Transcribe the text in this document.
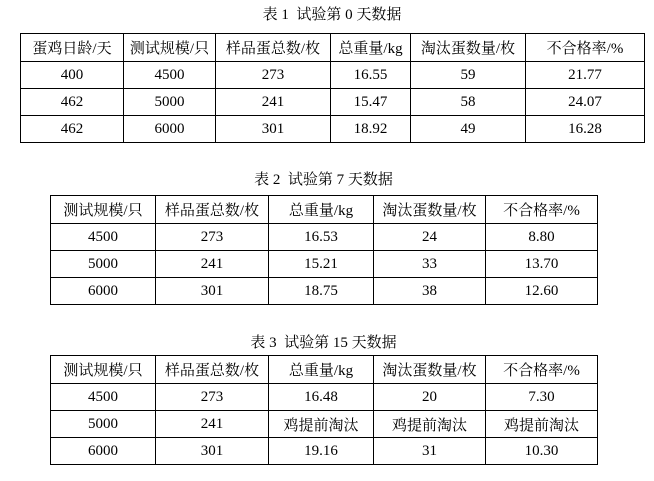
表 1  试验第 0 天数据
蛋鸡日龄/天	测试规模/只	样品蛋总数/枚	总重量/kg	淘汰蛋数量/枚	不合格率/%
400	4500	273	16.55	59	21.77
462	5000	241	15.47	58	24.07
462	6000	301	18.92	49	16.28
表 2  试验第 7 天数据
测试规模/只	样品蛋总数/枚	总重量/kg	淘汰蛋数量/枚	不合格率/%
4500	273	16.53	24	8.80
5000	241	15.21	33	13.70
6000	301	18.75	38	12.60
表 3  试验第 15 天数据
测试规模/只	样品蛋总数/枚	总重量/kg	淘汰蛋数量/枚	不合格率/%
4500	273	16.48	20	7.30
5000	241	鸡提前淘汰	鸡提前淘汰	鸡提前淘汰
6000	301	19.16	31	10.30
